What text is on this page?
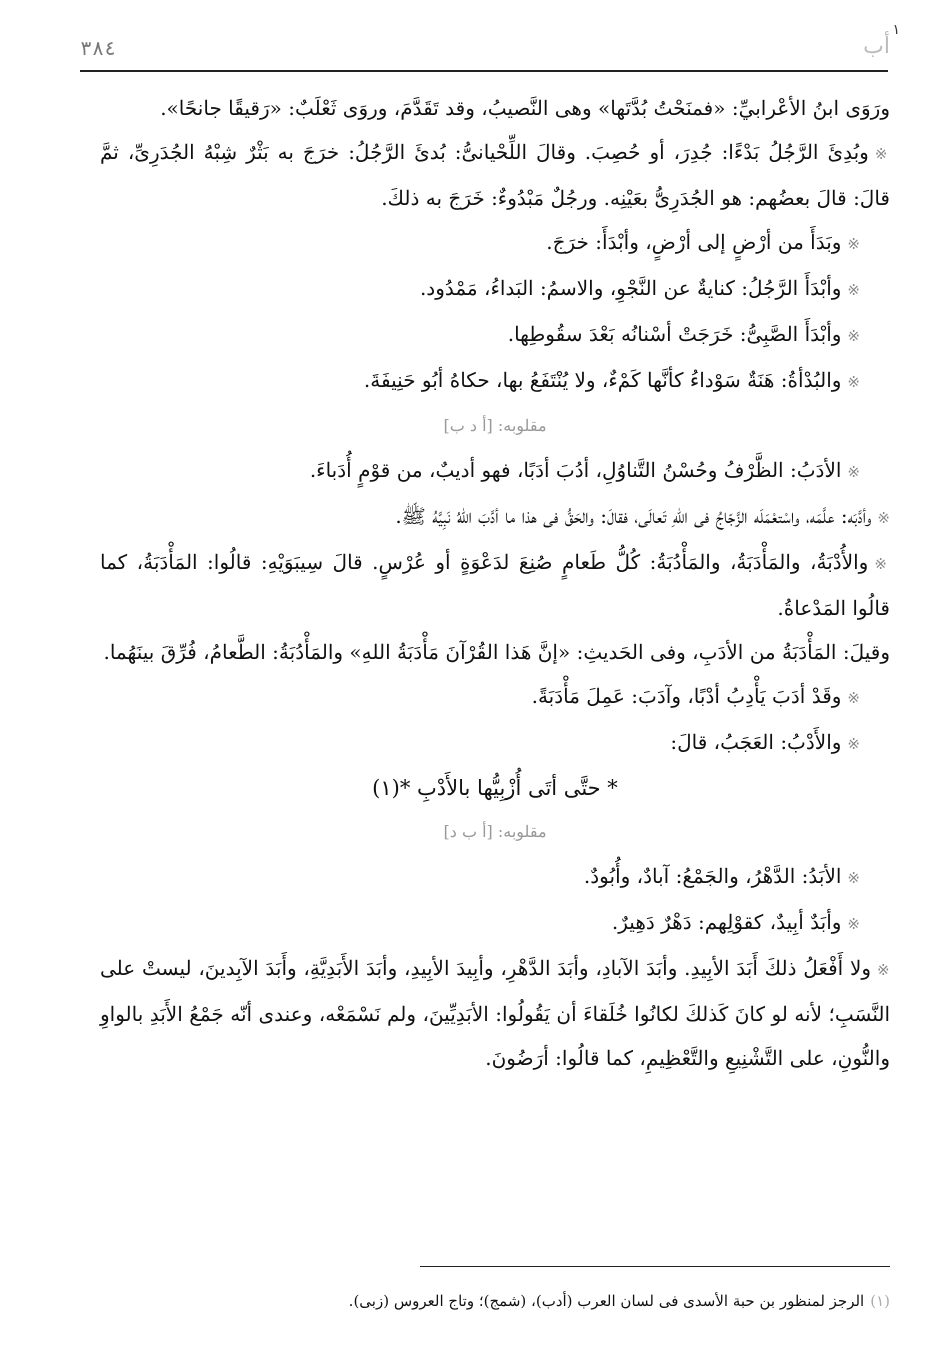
٣٨٤	أب
١

ورَوَى ابنُ الأعْرابيِّ: «فمنَحْتُ بُدَّتَها» وهى النَّصيبُ، وقد تَقَدَّمَ، وروَى ثَعْلَبٌ: «رَقيقًا جانحًا».

※وبُدِئَ الرَّجُلُ بَدْءًا: جُدِرَ، أو حُصِبَ. وقالَ اللِّحْيانىُّ: بُدئَ الرَّجُلُ: خرَجَ به بَثْرٌ شِبْهُ الجُدَرِىِّ، ثمَّ قالَ: قالَ بعضُهم: هو الجُدَرِىُّ بعَيْنِه. ورجُلٌ مَبْدُوءٌ: خَرَجَ به ذلكَ.

※وبَدَأَ من أرْضٍ إلى أرْضٍ، وأبْدَأَ: خرَجَ.

※وأبْدَأَ الرَّجُلُ: كنايةٌ عن النَّجْوِ، والاسمُ: البَداءُ، مَمْدُود.

※وأبْدَأَ الصَّبِىُّ: خَرَجَتْ أسْنانُه بَعْدَ سقُوطِها.

※والبُدْأةُ: هَنَةٌ سَوْداءُ كأنَّها كَمْءٌ، ولا يُنْتَفَعُ بها، حكاهُ أبُو حَنِيفَةَ.

مقلوبه: [أ د ب]

※الأدَبُ: الظَّرْفُ وحُسْنُ التَّناوُلِ، أدُبَ أدَبًا، فهو أديبٌ، من قوْمٍ أُدَباءَ.

※وأدَّبَه: علَّمَه، واسْتعْمَلَه الزَّجّاجُ فى اللهِ تَعالَى، فقالَ: والحَقُّ فى هذا ما أدَّبَ اللهُ نَبِيَّهُ ﷺ.

※والأُدْبَةُ، والمَأْدَبَةُ، والمَأْدُبَةُ: كُلُّ طَعامٍ صُنِعَ لدَعْوَةٍ أو عُرْسٍ. قالَ سِيبَوَيْهِ: قالُوا: المَأْدَبَةُ، كما قالُوا المَدْعاةُ.

وقيلَ: المَأْدَبَةُ من الأدَبِ، وفى الحَديثِ: «إنَّ هَذا القُرْآنَ مَأْدَبَةُ اللهِ» والمَأْدُبَةُ: الطَّعامُ، فُرِّقَ بينَهُما.

※وقَدْ أدَبَ يَأْدِبُ أدْبًا، وآدَبَ: عَمِلَ مَأْدَبَةً.

※والأَدْبُ: العَجَبُ، قالَ:

* حتَّى أتَى أُزْبِيُّها بالأَدْبِ *(١)

مقلوبه: [أ ب د]

※الأبَدُ: الدَّهْرُ، والجَمْعُ: آبادٌ، وأُبُودٌ.

※وأبَدٌ أبِيدٌ، كقوْلِهم: دَهْرٌ دَهِيرٌ.

※ولا أَفْعَلُ ذلكَ أَبَدَ الأبِيدِ. وأبَدَ الآبادِ، وأبَدَ الدَّهْرِ، وأبِيدَ الأبِيدِ، وأبَدَ الأَبَدِيَّةِ، وأَبَدَ الآبِدينَ، ليستْ على النَّسَبِ؛ لأنه لو كانَ كَذلكَ لكانُوا خُلَقاءَ أن يَقُولُوا: الأبَدِيِّينَ، ولم نَسْمَعْه، وعندى أنّه جَمْعُ الأَبَدِ بالواوِ والنُّونِ، على التَّشْنِيعِ والتَّعْظِيمِ، كما قالُوا: أرَضُونَ.

(١)الرجز لمنظور بن حبة الأسدى فى لسان العرب (أدب)، (شمج)؛ وتاج العروس (زبى).
